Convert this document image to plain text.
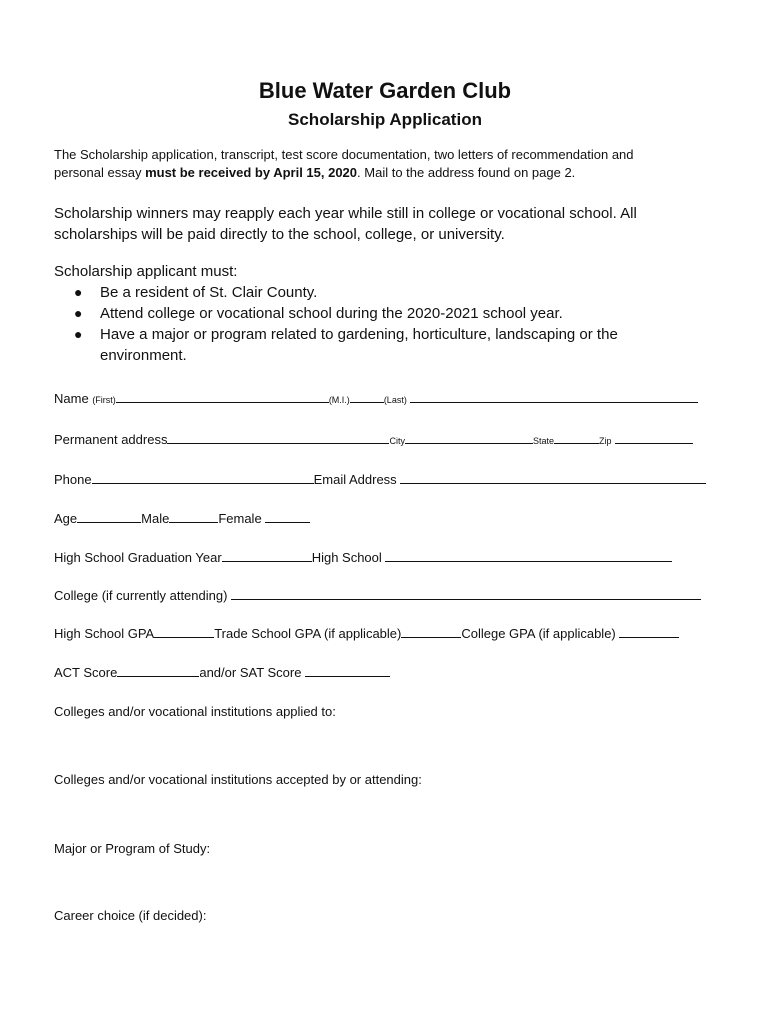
Blue Water Garden Club
Scholarship Application
The Scholarship application, transcript, test score documentation, two letters of recommendation and
personal essay must be received by April 15, 2020. Mail to the address found on page 2.
Scholarship winners may reapply each year while still in college or vocational school. All
scholarships will be paid directly to the school, college, or university.
Scholarship applicant must:
● Be a resident of St. Clair County.
● Attend college or vocational school during the 2020-2021 school year.
● Have a major or program related to gardening, horticulture, landscaping or the
environment.
Name (First)	(M.I.)	(Last)
Permanent address	City	State	Zip
Phone	Email Address
Age	Male	Female
High School Graduation Year	High School
College (if currently attending)
High School GPA	Trade School GPA (if applicable)	College GPA (if applicable)
ACT Score	and/or SAT Score
Colleges and/or vocational institutions applied to:
Colleges and/or vocational institutions accepted by or attending:
Major or Program of Study:
Career choice (if decided):
